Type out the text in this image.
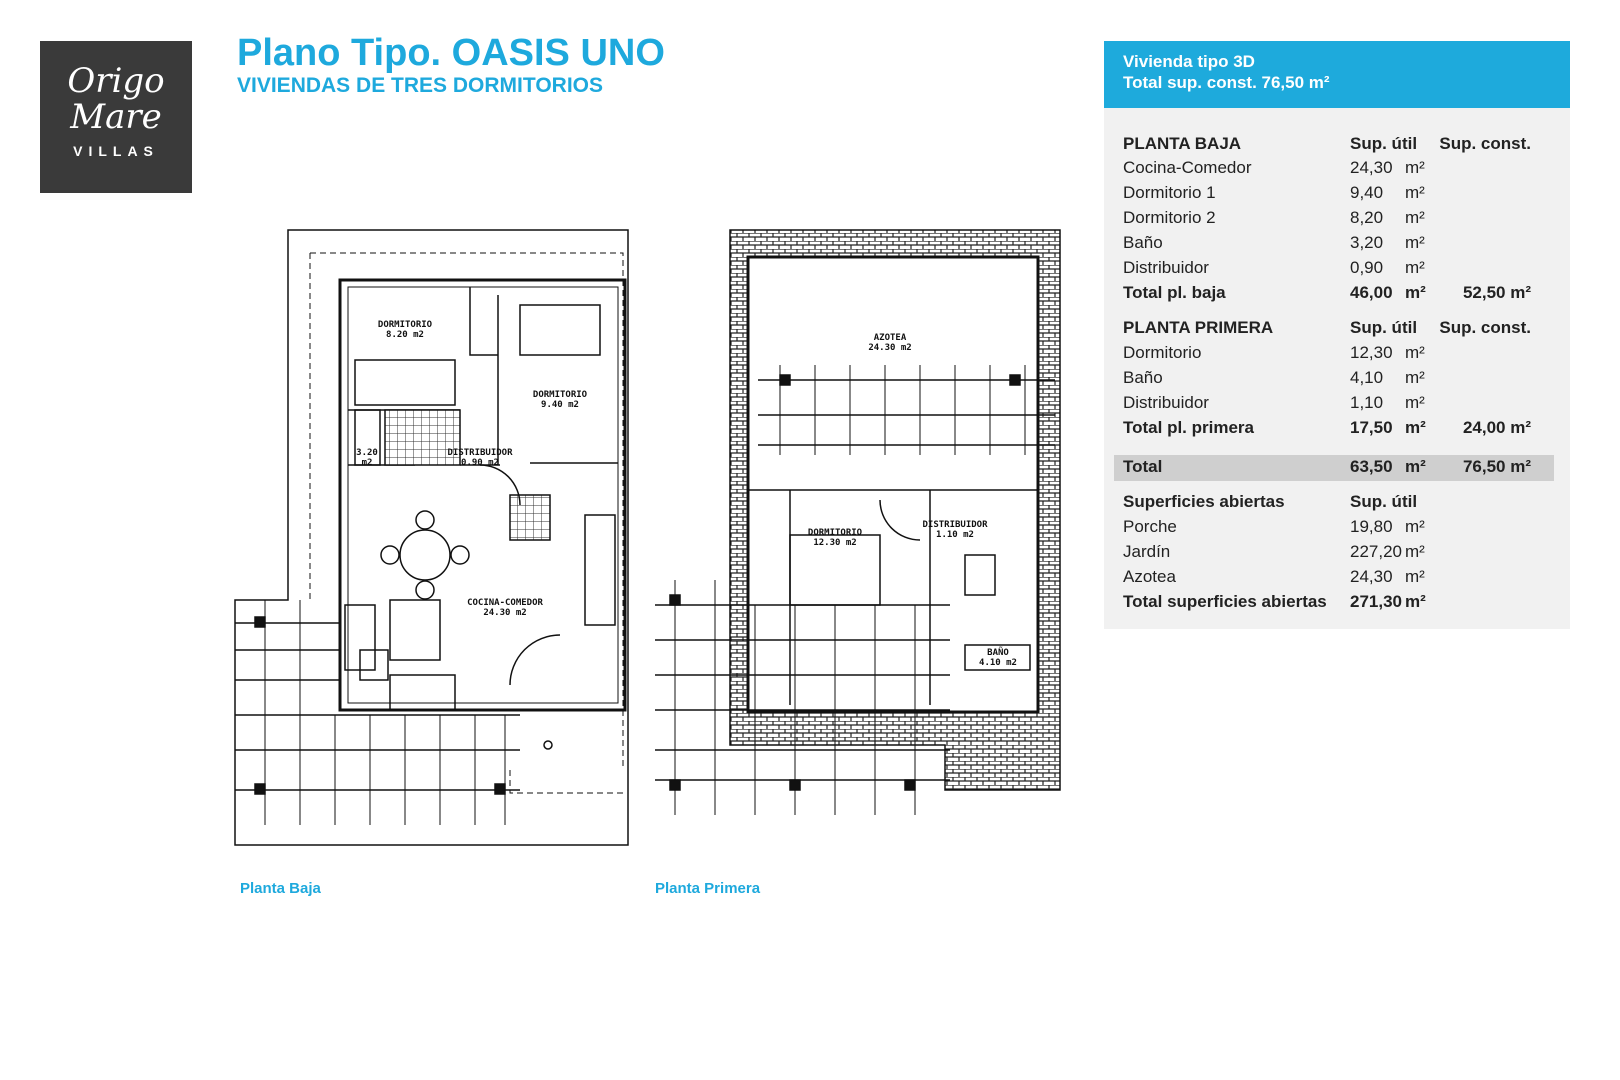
Origo
Mare
VILLAS
Plano Tipo. OASIS UNO
VIVIENDAS DE TRES DORMITORIOS
Vivienda tipo 3D
Total sup. const. 76,50 m²
PLANTA BAJA	Sup. útil Sup. const.
Cocina-Comedor	24,30 m²
Dormitorio 1	9,40 m²
Dormitorio 2	8,20 m²
Baño	3,20 m²
Distribuidor	0,90 m²
Total pl. baja	46,00 m² 52,50 m²
PLANTA PRIMERA	Sup. útil Sup. const.
Dormitorio	12,30 m²
Baño	4,10 m²
Distribuidor	1,10 m²
Total pl. primera	17,50 m² 24,00 m²
Total	63,50 m² 76,50 m²
Superficies abiertas	Sup. útil
Porche	19,80 m²
Jardín	227,20 m²
Azotea	24,30 m²
Total superficies abiertas 271,30 m²
DORMITORIO
8.20 m2
DORMITORIO
9.40 m2
3.20
m2
DISTRIBUIDOR
0.90 m2
COCINA-COMEDOR
24.30 m2
AZOTEA
24.30 m2
DORMITORIO
12.30 m2
DISTRIBUIDOR
1.10 m2
BAÑO
4.10 m2
Planta Baja	Planta Primera
